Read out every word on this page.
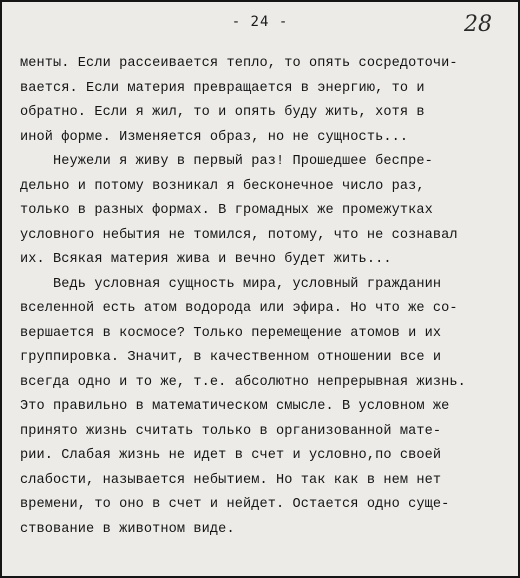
- 24 -	28
менты. Если рассеивается тепло, то опять сосредоточи-
вается. Если материя превращается в энергию, то и
обратно. Если я жил, то и опять буду жить, хотя в
иной форме. Изменяется образ, но не сущность...
Неужели я живу в первый раз! Прошедшее беспре-
дельно и потому возникал я бесконечное число раз,
только в разных формах. В громадных же промежутках
условного небытия не томился, потому, что не сознавал
их. Всякая материя жива и вечно будет жить...
Ведь условная сущность мира, условный гражданин
вселенной есть атом водорода или эфира. Но что же со-
вершается в космосе? Только перемещение атомов и их
группировка. Значит, в качественном отношении все и
всегда одно и то же, т.е. абсолютно непрерывная жизнь.
Это правильно в математическом смысле. В условном же
принято жизнь считать только в организованной мате-
рии. Слабая жизнь не идет в счет и условно,по своей
слабости, называется небытием. Но так как в нем нет
времени, то оно в счет и нейдет. Остается одно суще-
ствование в животном виде.
